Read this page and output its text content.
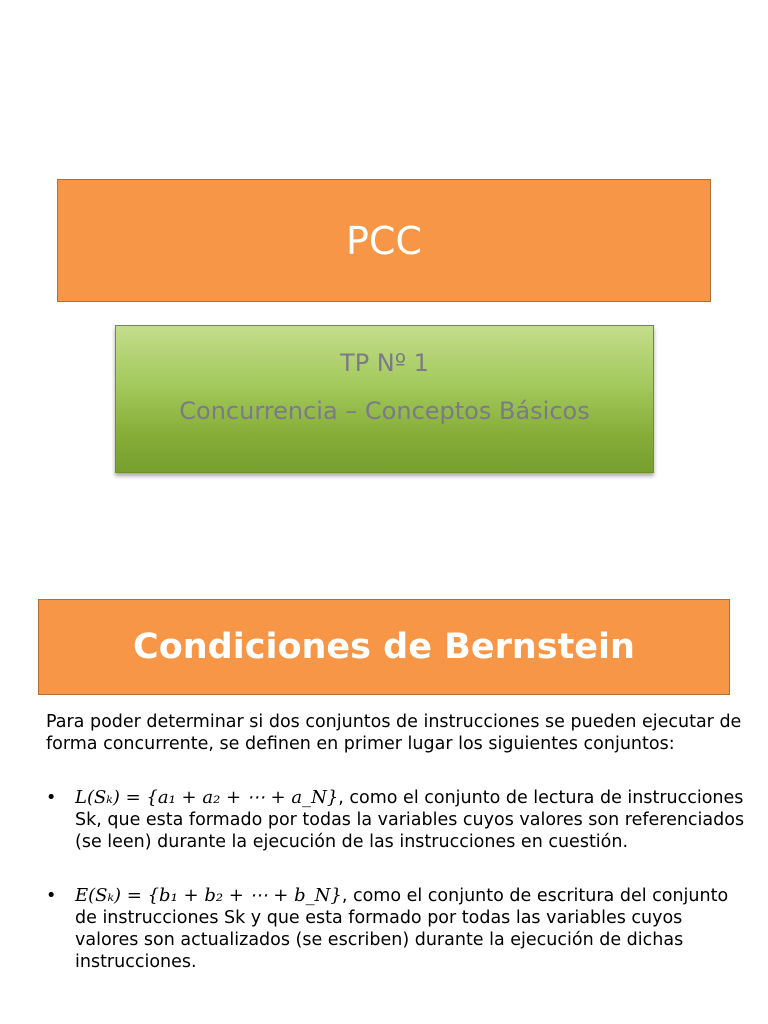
PCC
TP Nº 1
Concurrencia – Conceptos Básicos
Condiciones de Bernstein

Para poder determinar si dos conjuntos de instrucciones se pueden ejecutar de forma concurrente, se definen en primer lugar los siguientes conjuntos:

• L(Sₖ) = {a₁ + a₂ + ⋯ + a_N}, como el conjunto de lectura de instrucciones Sk, que esta formado por todas la variables cuyos valores son referenciados (se leen) durante la ejecución de las instrucciones en cuestión.
• E(Sₖ) = {b₁ + b₂ + ⋯ + b_N}, como el conjunto de escritura del conjunto de instrucciones Sk y que esta formado por todas las variables cuyos valores son actualizados (se escriben) durante la ejecución de dichas instrucciones.
